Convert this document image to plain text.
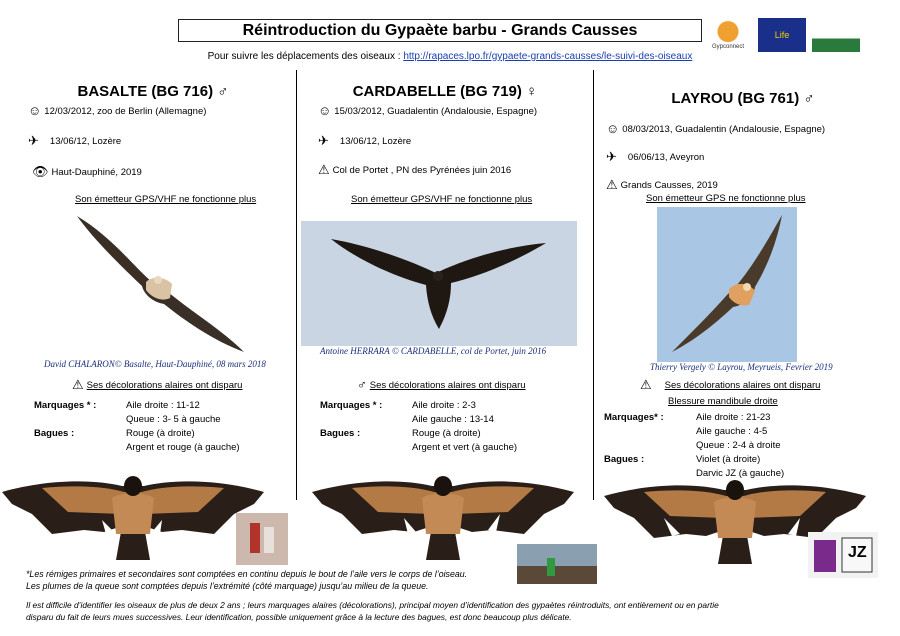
Réintroduction du Gypaète barbu - Grands Causses
Pour suivre les déplacements des oiseaux : http://rapaces.lpo.fr/gypaete-grands-causses/le-suivi-des-oiseaux
Gypconnect
Life
NATURA 2000
BASALTE (BG 716) ♂
☺ 12/03/2012, zoo de Berlin (Allemagne)
✈ 13/06/12, Lozère
👁 Haut-Dauphiné, 2019
Son émetteur GPS/VHF ne fonctionne plus
CARDABELLE (BG 719) ♀
☺ 15/03/2012, Guadalentin (Andalousie, Espagne)
✈ 13/06/12, Lozère
⚠ Col de Portet , PN des Pyrénées juin 2016
Son émetteur GPS/VHF ne fonctionne plus
LAYROU (BG 761) ♂
☺ 08/03/2013, Guadalentin (Andalousie, Espagne)
✈ 06/06/13, Aveyron
⚠ Grands Causses, 2019
Son émetteur GPS ne fonctionne plus
David CHALARON© Basalte, Haut-Dauphiné, 08 mars 2018
Antoine HERRARA © CARDABELLE, col de Portet, juin 2016
Thierry Vergely © Layrou, Meyrueis, Fevrier 2019
⚠ Ses décolorations alaires ont disparu
Marquages * :	Aile droite : 11-12
	Queue : 3- 5 à gauche
Bagues :	Rouge (à droite)
	Argent et rouge (à gauche)
♂ Ses décolorations alaires ont disparu
Marquages * :	Aile droite : 2-3
	Aile gauche : 13-14
Bagues :	Rouge (à droite)
	Argent et vert (à gauche)
⚠ Ses décolorations alaires ont disparu
Blessure mandibule droite
Marquages* :	Aile droite : 21-23
	Aile gauche : 4-5
	Queue : 2-4 à droite
Bagues :	Violet (à droite)
	Darvic JZ (à gauche)
JZ
*Les rémiges primaires et secondaires sont comptées en continu depuis le bout de l’aile vers le corps de l’oiseau.
Les plumes de la queue sont comptées depuis l’extrémité (côté marquage) jusqu’au milieu de la queue.
Il est difficile d’identifier les oiseaux de plus de deux 2 ans ; leurs marquages alaires (décolorations), principal moyen d’identification des gypaètes réintroduits, ont entièrement ou en partie
disparu du fait de leurs mues successives. Leur identification, possible uniquement grâce à la lecture des bagues, est donc beaucoup plus délicate.
